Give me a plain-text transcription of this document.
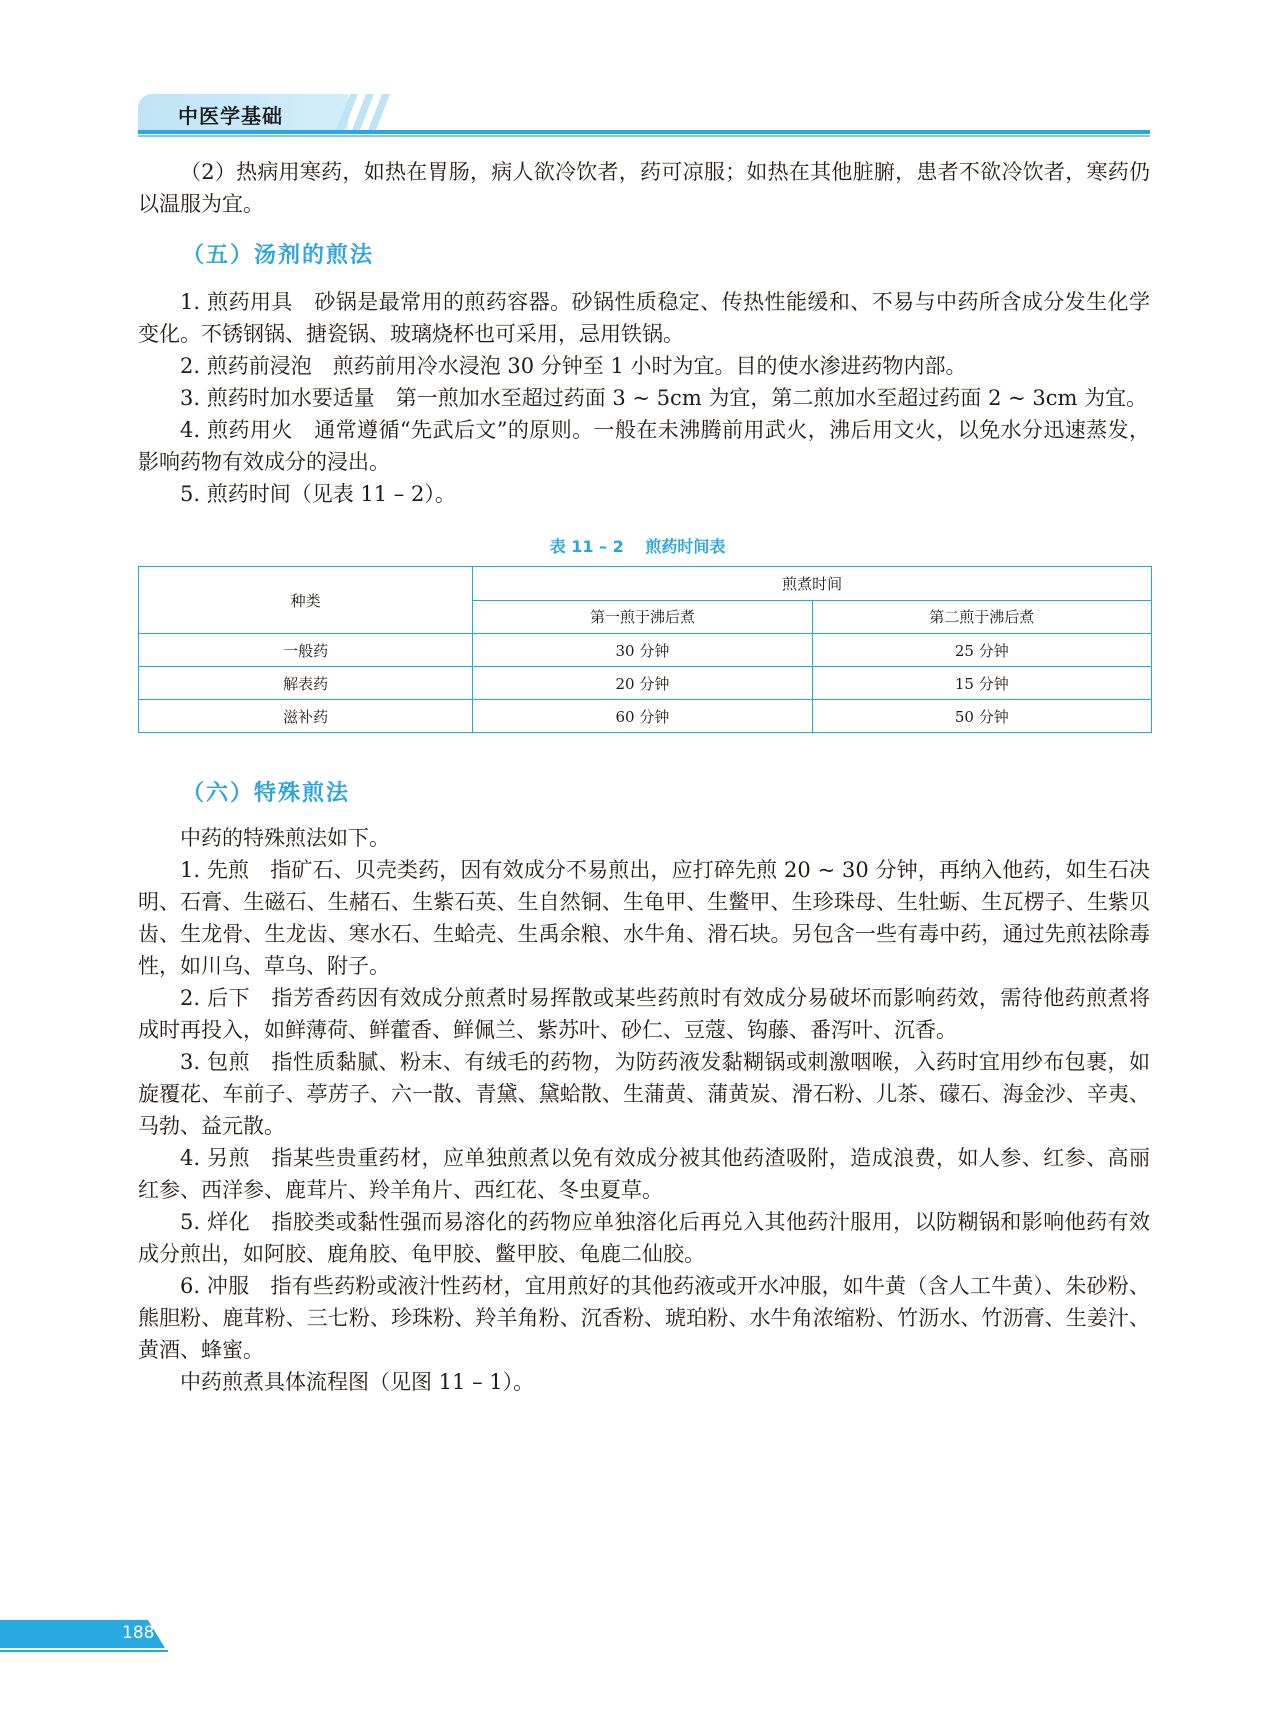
中医学基础

（2）热病用寒药，如热在胃肠，病人欲冷饮者，药可凉服；如热在其他脏腑，患者不欲冷饮者，寒药仍以温服为宜。

（五）汤剂的煎法

1. 煎药用具　砂锅是最常用的煎药容器。砂锅性质稳定、传热性能缓和、不易与中药所含成分发生化学变化。不锈钢锅、搪瓷锅、玻璃烧杯也可采用，忌用铁锅。

2. 煎药前浸泡　煎药前用冷水浸泡 30 分钟至 1 小时为宜。目的使水渗进药物内部。

3. 煎药时加水要适量　第一煎加水至超过药面 3 ~ 5cm 为宜，第二煎加水至超过药面 2 ~ 3cm 为宜。

4. 煎药用火　通常遵循“先武后文”的原则。一般在未沸腾前用武火，沸后用文火，以免水分迅速蒸发，影响药物有效成分的浸出。

5. 煎药时间（见表 11 – 2）。

表 11 – 2 煎药时间表
种类	煎煮时间	
	第一煎于沸后煮	第二煎于沸后煮
一般药	30 分钟	25 分钟
解表药	20 分钟	15 分钟
滋补药	60 分钟	50 分钟
（六）特殊煎法

中药的特殊煎法如下。

1. 先煎　指矿石、贝壳类药，因有效成分不易煎出，应打碎先煎 20 ~ 30 分钟，再纳入他药，如生石决明、石膏、生磁石、生赭石、生紫石英、生自然铜、生龟甲、生鳖甲、生珍珠母、生牡蛎、生瓦楞子、生紫贝齿、生龙骨、生龙齿、寒水石、生蛤壳、生禹余粮、水牛角、滑石块。另包含一些有毒中药，通过先煎祛除毒性，如川乌、草乌、附子。

2. 后下　指芳香药因有效成分煎煮时易挥散或某些药煎时有效成分易破坏而影响药效，需待他药煎煮将成时再投入，如鲜薄荷、鲜藿香、鲜佩兰、紫苏叶、砂仁、豆蔻、钩藤、番泻叶、沉香。

3. 包煎　指性质黏腻、粉末、有绒毛的药物，为防药液发黏糊锅或刺激咽喉，入药时宜用纱布包裹，如旋覆花、车前子、葶苈子、六一散、青黛、黛蛤散、生蒲黄、蒲黄炭、滑石粉、儿茶、礞石、海金沙、辛夷、马勃、益元散。

4. 另煎　指某些贵重药材，应单独煎煮以免有效成分被其他药渣吸附，造成浪费，如人参、红参、高丽红参、西洋参、鹿茸片、羚羊角片、西红花、冬虫夏草。

5. 烊化　指胶类或黏性强而易溶化的药物应单独溶化后再兑入其他药汁服用，以防糊锅和影响他药有效成分煎出，如阿胶、鹿角胶、龟甲胶、鳖甲胶、龟鹿二仙胶。

6. 冲服　指有些药粉或液汁性药材，宜用煎好的其他药液或开水冲服，如牛黄（含人工牛黄）、朱砂粉、熊胆粉、鹿茸粉、三七粉、珍珠粉、羚羊角粉、沉香粉、琥珀粉、水牛角浓缩粉、竹沥水、竹沥膏、生姜汁、黄酒、蜂蜜。

中药煎煮具体流程图（见图 11 – 1）。

188
